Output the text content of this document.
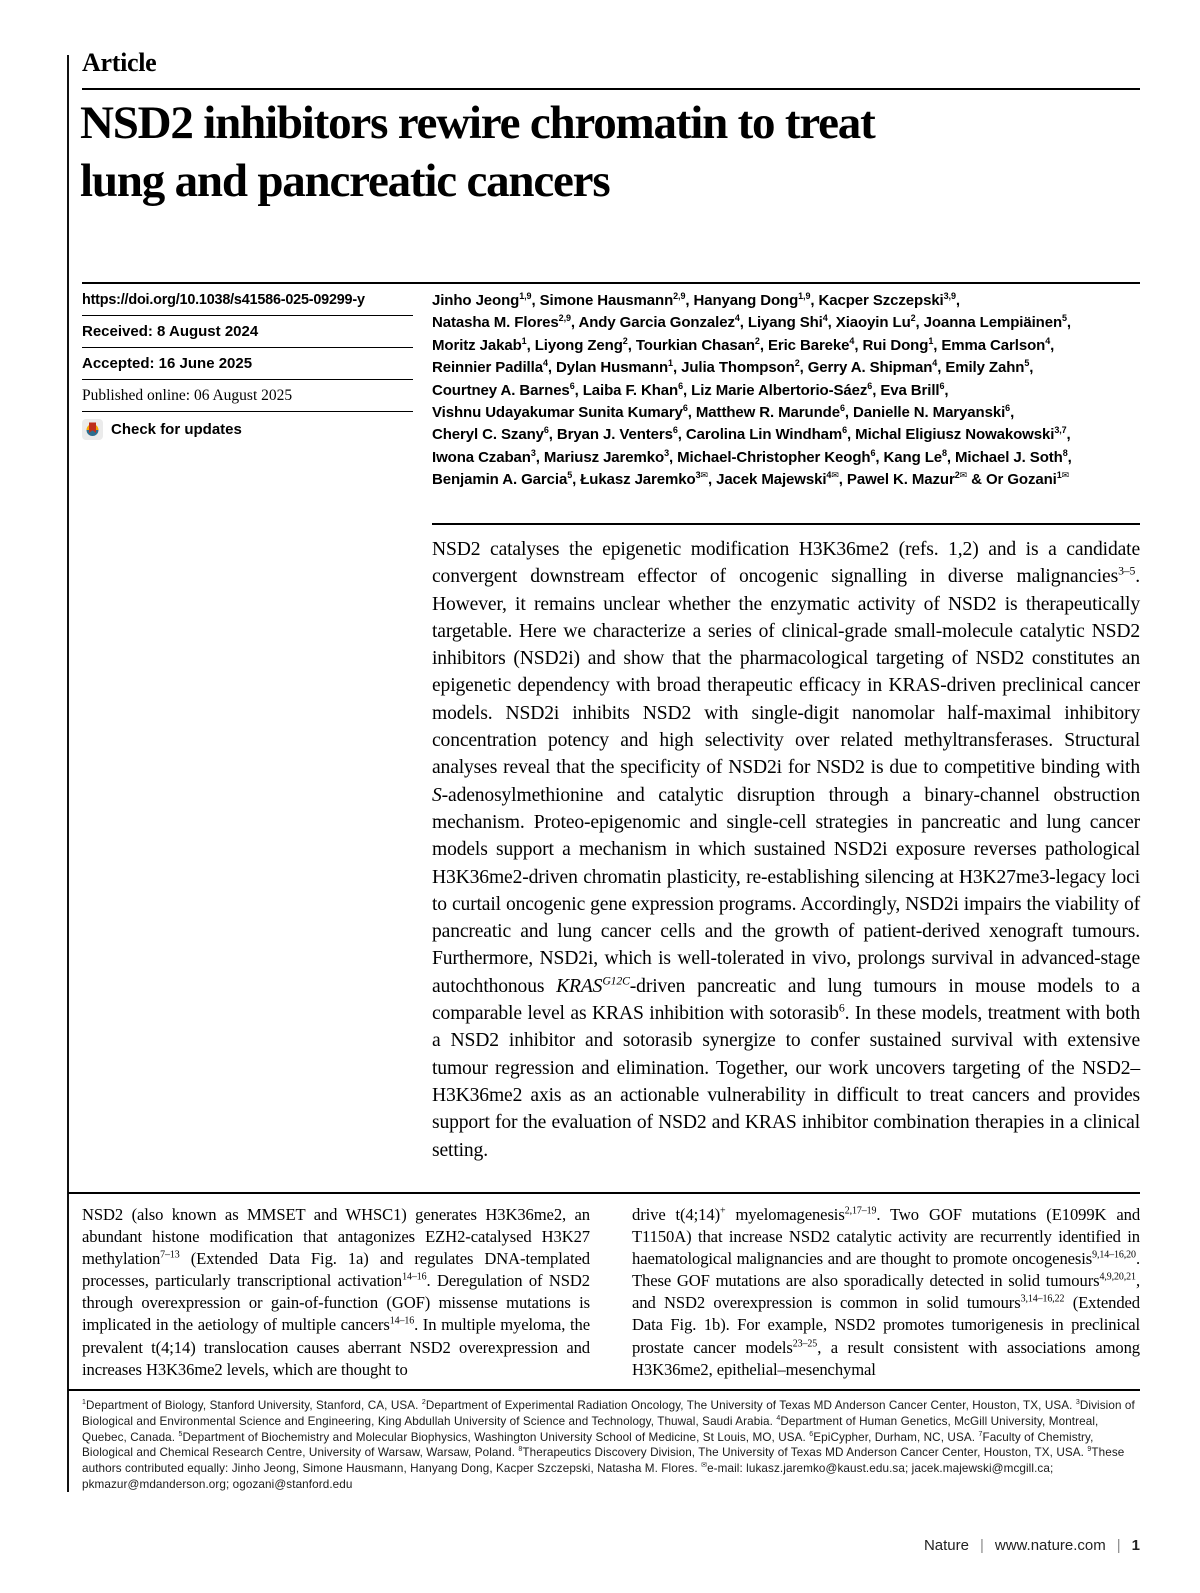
Article
NSD2 inhibitors rewire chromatin to treat
lung and pancreatic cancers
https://doi.org/10.1038/s41586-025-09299-y
Received: 8 August 2024
Accepted: 16 June 2025
Published online: 06 August 2025
Check for updates
Jinho Jeong$^{1,9}$, Simone Hausmann$^{2,9}$, Hanyang Dong$^{1,9}$, Kacper Szczepski$^{3,9}$,
Natasha M. Flores$^{2,9}$, Andy Garcia Gonzalez$^4$, Liyang Shi$^4$, Xiaoyin Lu$^2$, Joanna Lempiäinen$^5$,
Moritz Jakab$^1$, Liyong Zeng$^2$, Tourkian Chasan$^2$, Eric Bareke$^4$, Rui Dong$^1$, Emma Carlson$^4$,
Reinnier Padilla$^4$, Dylan Husmann$^1$, Julia Thompson$^2$, Gerry A. Shipman$^4$, Emily Zahn$^5$,
Courtney A. Barnes$^6$, Laiba F. Khan$^6$, Liz Marie Albertorio-Sáez$^6$, Eva Brill$^6$,
Vishnu Udayakumar Sunita Kumary$^6$, Matthew R. Marunde$^6$, Danielle N. Maryanski$^6$,
Cheryl C. Szany$^6$, Bryan J. Venters$^6$, Carolina Lin Windham$^6$, Michal Eligiusz Nowakowski$^{3,7}$,
Iwona Czaban$^3$, Mariusz Jaremko$^3$, Michael-Christopher Keogh$^6$, Kang Le$^8$, Michael J. Soth$^8$,
Benjamin A. Garcia$^5$, Łukasz Jaremko$^{3✉}$, Jacek Majewski$^{4✉}$, Pawel K. Mazur$^{2✉}$ & Or Gozani$^{1✉}$
NSD2 catalyses the epigenetic modification H3K36me2 (refs. 1,2) and is a candidate convergent downstream effector of oncogenic signalling in diverse malignancies$^{3-5}$. However, it remains unclear whether the enzymatic activity of NSD2 is therapeutically targetable. Here we characterize a series of clinical-grade small-molecule catalytic NSD2 inhibitors (NSD2i) and show that the pharmacological targeting of NSD2 constitutes an epigenetic dependency with broad therapeutic efficacy in KRAS-driven preclinical cancer models. NSD2i inhibits NSD2 with single-digit nanomolar half-maximal inhibitory concentration potency and high selectivity over related methyltransferases. Structural analyses reveal that the specificity of NSD2i for NSD2 is due to competitive binding with S-adenosylmethionine and catalytic disruption through a binary-channel obstruction mechanism. Proteo-epigenomic and single-cell strategies in pancreatic and lung cancer models support a mechanism in which sustained NSD2i exposure reverses pathological H3K36me2-driven chromatin plasticity, re-establishing silencing at H3K27me3-legacy loci to curtail oncogenic gene expression programs. Accordingly, NSD2i impairs the viability of pancreatic and lung cancer cells and the growth of patient-derived xenograft tumours. Furthermore, NSD2i, which is well-tolerated in vivo, prolongs survival in advanced-stage autochthonous $KRAS^{G12C}$-driven pancreatic and lung tumours in mouse models to a comparable level as KRAS inhibition with sotorasib$^6$. In these models, treatment with both a NSD2 inhibitor and sotorasib synergize to confer sustained survival with extensive tumour regression and elimination. Together, our work uncovers targeting of the NSD2–H3K36me2 axis as an actionable vulnerability in difficult to treat cancers and provides support for the evaluation of NSD2 and KRAS inhibitor combination therapies in a clinical setting.
NSD2 (also known as MMSET and WHSC1) generates H3K36me2, an abundant histone modification that antagonizes EZH2-catalysed H3K27 methylation$^{7-13}$ (Extended Data Fig. 1a) and regulates DNA-templated processes, particularly transcriptional activation$^{14-16}$. Deregulation of NSD2 through overexpression or gain-of-function (GOF) missense mutations is implicated in the aetiology of multiple cancers$^{14-16}$. In multiple myeloma, the prevalent t(4;14) translocation causes aberrant NSD2 overexpression and increases H3K36me2 levels, which are thought to
drive t(4;14)+ myelomagenesis$^{2,17-19}$. Two GOF mutations (E1099K and T1150A) that increase NSD2 catalytic activity are recurrently identified in haematological malignancies and are thought to promote oncogenesis$^{9,14-16,20}$. These GOF mutations are also sporadically detected in solid tumours$^{4,9,20,21}$, and NSD2 overexpression is common in solid tumours$^{3,14-16,22}$ (Extended Data Fig. 1b). For example, NSD2 promotes tumorigenesis in preclinical prostate cancer models$^{23-25}$, a result consistent with associations among H3K36me2, epithelial–mesenchymal
$^1$Department of Biology, Stanford University, Stanford, CA, USA. $^2$Department of Experimental Radiation Oncology, The University of Texas MD Anderson Cancer Center, Houston, TX, USA. $^3$Division of Biological and Environmental Science and Engineering, King Abdullah University of Science and Technology, Thuwal, Saudi Arabia. $^4$Department of Human Genetics, McGill University, Montreal, Quebec, Canada. $^5$Department of Biochemistry and Molecular Biophysics, Washington University School of Medicine, St Louis, MO, USA. $^6$EpiCypher, Durham, NC, USA. $^7$Faculty of Chemistry, Biological and Chemical Research Centre, University of Warsaw, Warsaw, Poland. $^8$Therapeutics Discovery Division, The University of Texas MD Anderson Cancer Center, Houston, TX, USA. $^9$These authors contributed equally: Jinho Jeong, Simone Hausmann, Hanyang Dong, Kacper Szczepski, Natasha M. Flores. ✉e-mail: lukasz.jaremko@kaust.edu.sa; jacek.majewski@mcgill.ca; pkmazur@mdanderson.org; ogozani@stanford.edu
Nature | www.nature.com | 1
